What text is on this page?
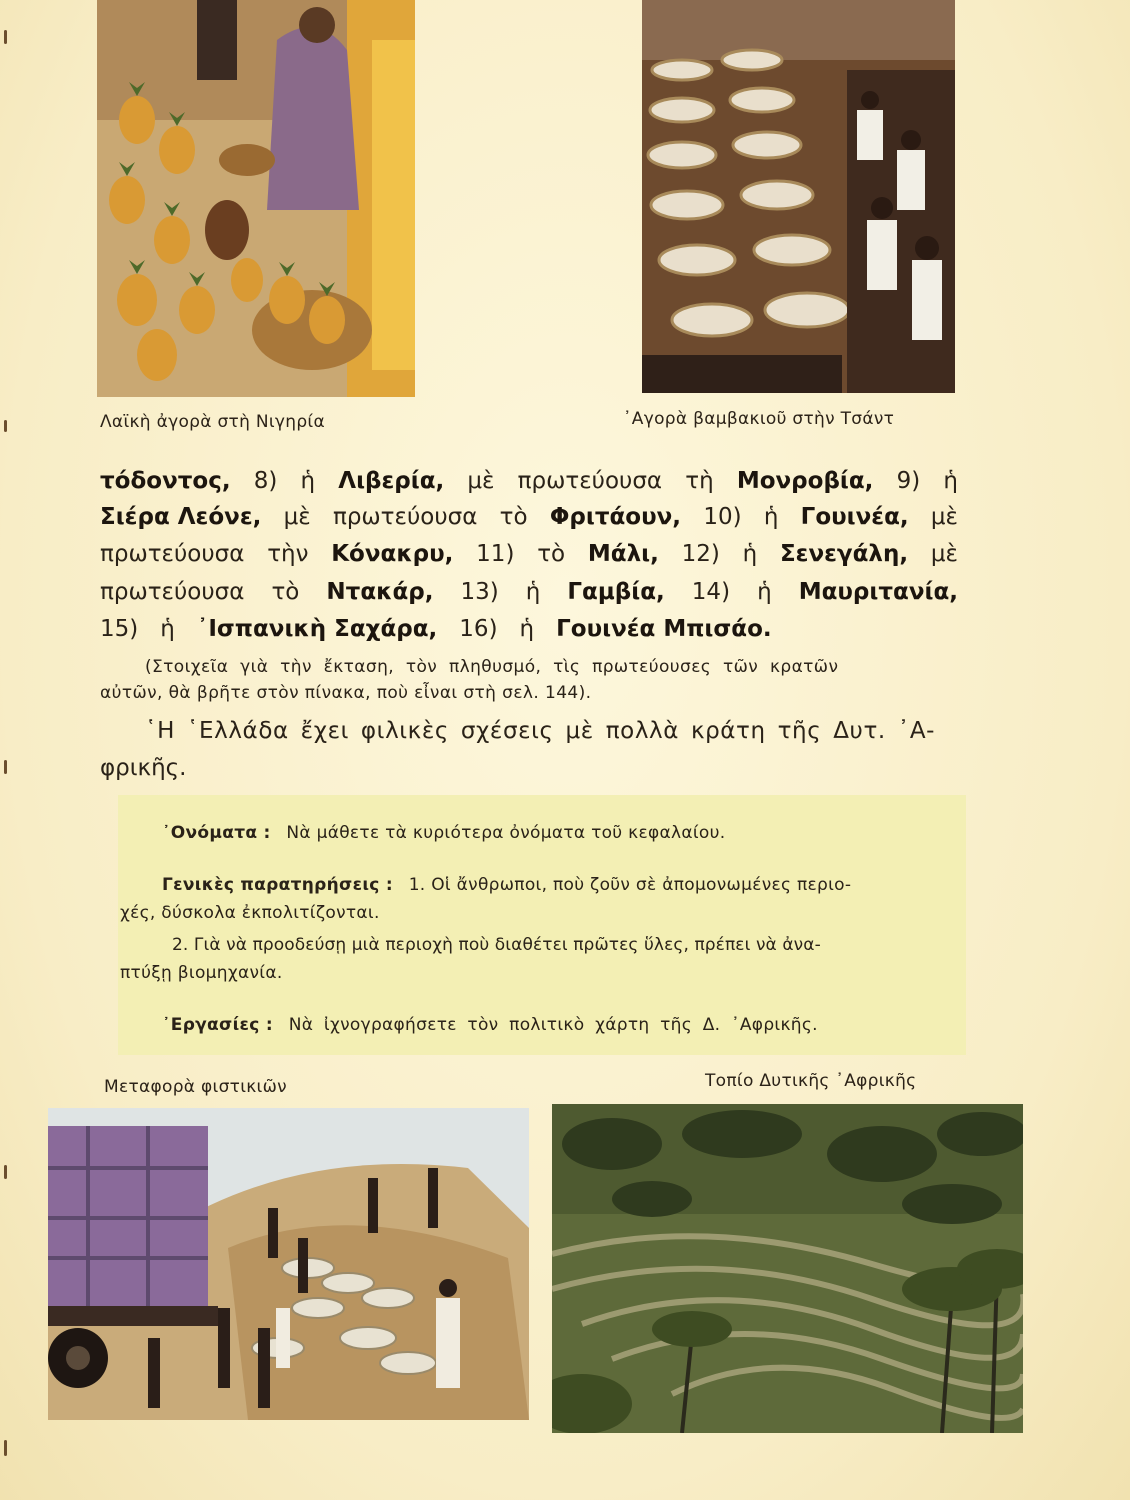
Λαϊκὴ ἀγορὰ στὴ Νιγηρία	᾿Αγορὰ βαμβακιοῦ στὴν Τσάντ
τόδοντος, 8) ἡ Λιβερία, μὲ πρωτεύουσα τὴ Μονροβία, 9) ἡ
Σιέρα Λεόνε, μὲ πρωτεύουσα τὸ Φριτάουν, 10) ἡ Γουινέα, μὲ
πρωτεύουσα τὴν Κόνακρυ, 11) τὸ Μάλι, 12) ἡ Σενεγάλη, μὲ
πρωτεύουσα τὸ Ντακάρ, 13) ἡ Γαμβία, 14) ἡ Μαυριτανία,
15) ἡ ᾿Ισπανικὴ Σαχάρα, 16) ἡ Γουινέα Μπισάο.
(Στοιχεῖα γιὰ τὴν ἔκταση, τὸν πληθυσμό, τὶς πρωτεύουσες τῶν κρατῶν
αὐτῶν, θὰ βρῆτε στὸν πίνακα, ποὺ εἶναι στὴ σελ. 144).
῾Η ῾Ελλάδα ἔχει φιλικὲς σχέσεις μὲ πολλὰ κράτη τῆς Δυτ. ᾿Α-
φρικῆς.
᾿Ονόματα : Νὰ μάθετε τὰ κυριότερα ὀνόματα τοῦ κεφαλαίου.
Γενικὲς παρατηρήσεις : 1. Οἱ ἄνθρωποι, ποὺ ζοῦν σὲ ἀπομονωμένες περιο-
χές, δύσκολα ἐκπολιτίζονται.
2. Γιὰ νὰ προοδεύσῃ μιὰ περιοχὴ ποὺ διαθέτει πρῶτες ὕλες, πρέπει νὰ ἀνα-
πτύξῃ βιομηχανία.
᾿Εργασίες : Νὰ ἰχνογραφήσετε τὸν πολιτικὸ χάρτη τῆς Δ. ᾿Αφρικῆς.
Μεταφορὰ φιστικιῶν	Τοπίο Δυτικῆς ᾿Αφρικῆς
